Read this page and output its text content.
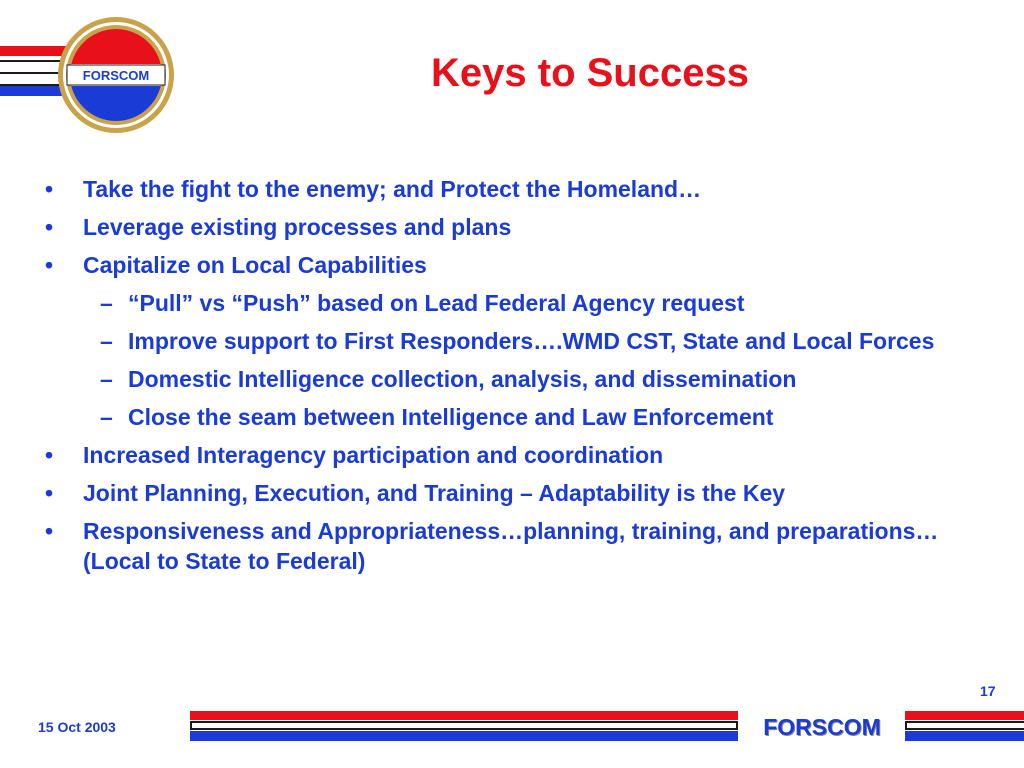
FORSCOM	Keys to Success
• Take the fight to the enemy; and Protect the Homeland…
• Leverage existing processes and plans
• Capitalize on Local Capabilities
– “Pull” vs “Push” based on Lead Federal Agency request
– Improve support to First Responders….WMD CST, State and Local Forces
– Domestic Intelligence collection, analysis, and dissemination
– Close the seam between Intelligence and Law Enforcement
• Increased Interagency participation and coordination
• Joint Planning, Execution, and Training – Adaptability is the Key
• Responsiveness and Appropriateness…planning, training, and preparations… (Local to State to Federal)
17
15 Oct 2003	FORSCOM
